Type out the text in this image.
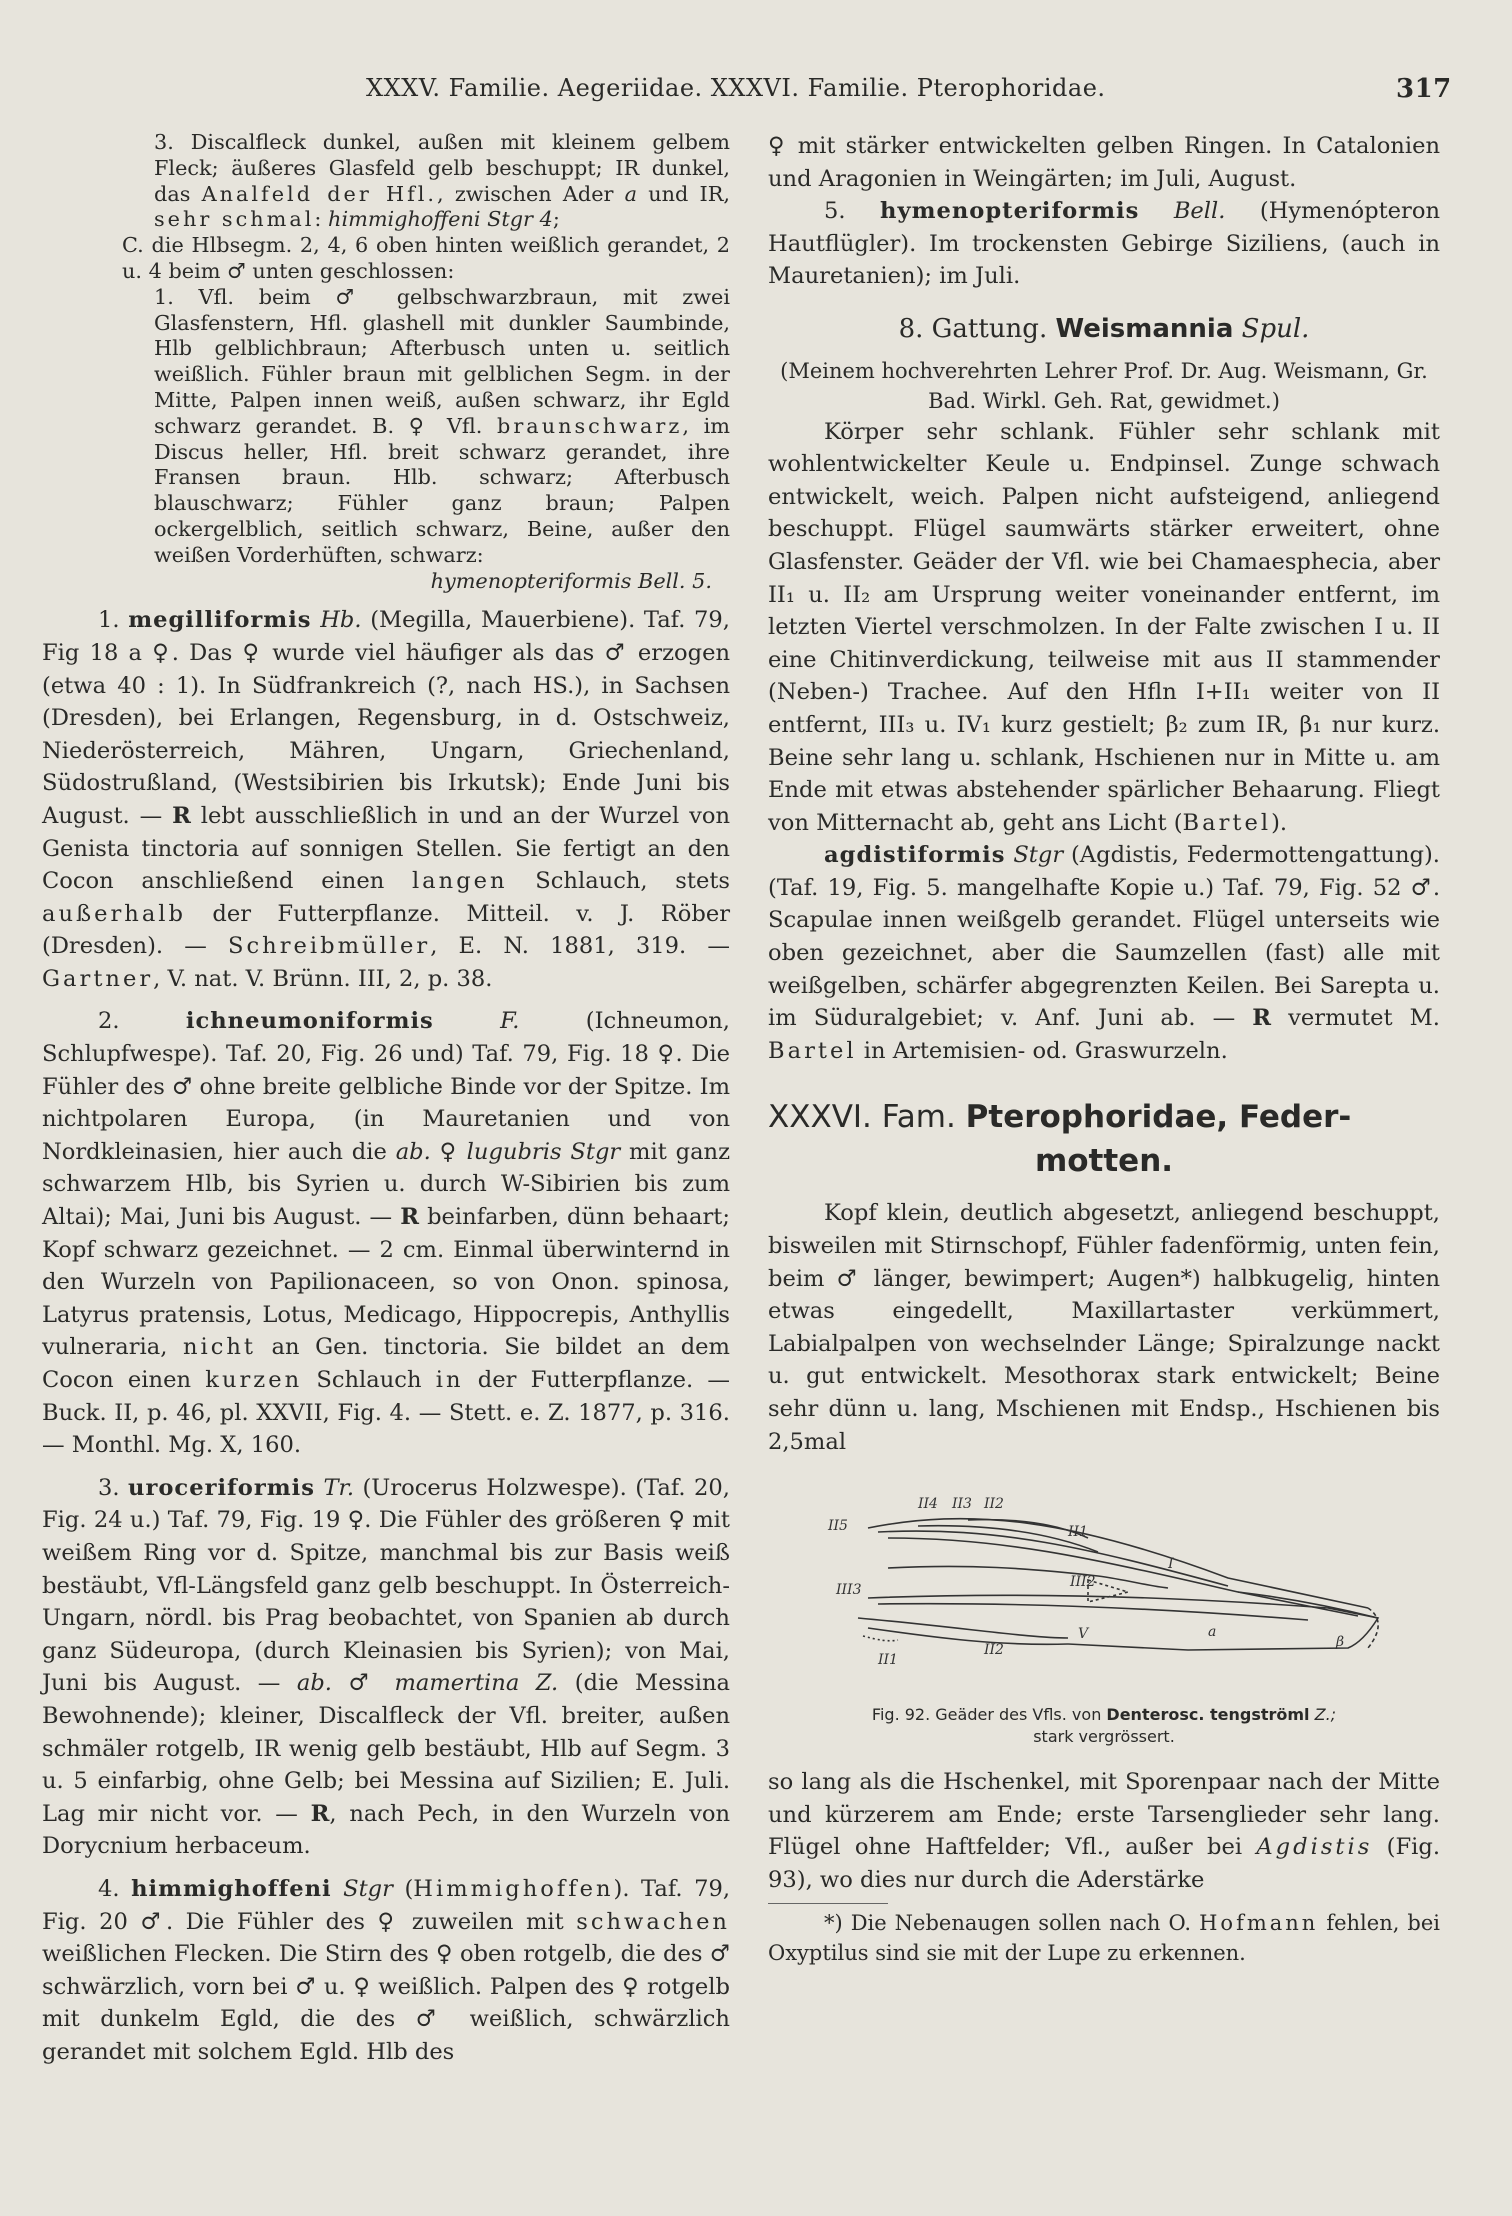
XXXV. Familie. Aegeriidae. XXXVI. Familie. Pterophoridae.	317

3. Discalfleck dunkel, außen mit kleinem gelbem Fleck; äußeres Glasfeld gelb beschuppt; IR dunkel, das Analfeld der Hfl., zwischen Ader a und IR, sehr schmal: himmighoffeni Stgr 4;

C. die Hlbsegm. 2, 4, 6 oben hinten weißlich gerandet, 2 u. 4 beim ♂ unten geschlossen:

1. Vfl. beim ♂ gelbschwarzbraun, mit zwei Glasfenstern, Hfl. glashell mit dunkler Saumbinde, Hlb gelblichbraun; Afterbusch unten u. seitlich weißlich. Fühler braun mit gelblichen Segm. in der Mitte, Palpen innen weiß, außen schwarz, ihr Egld schwarz gerandet. B. ♀ Vfl. braunschwarz, im Discus heller, Hfl. breit schwarz gerandet, ihre Fransen braun. Hlb. schwarz; Afterbusch blauschwarz; Fühler ganz braun; Palpen ockergelblich, seitlich schwarz, Beine, außer den weißen Vorderhüften, schwarz:

hymenopteriformis Bell. 5.

1. megilliformis Hb. (Megilla, Mauerbiene). Taf. 79, Fig 18 a ♀. Das ♀ wurde viel häufiger als das ♂ erzogen (etwa 40 : 1). In Südfrankreich (?, nach HS.), in Sachsen (Dresden), bei Erlangen, Regensburg, in d. Ostschweiz, Niederösterreich, Mähren, Ungarn, Griechenland, Südostrußland, (Westsibirien bis Irkutsk); Ende Juni bis August. — R lebt ausschließlich in und an der Wurzel von Genista tinctoria auf sonnigen Stellen. Sie fertigt an den Cocon anschließend einen langen Schlauch, stets außerhalb der Futterpflanze. Mitteil. v. J. Röber (Dresden). — Schreibmüller, E. N. 1881, 319. — Gartner, V. nat. V. Brünn. III, 2, p. 38.

2. ichneumoniformis	F. (Ichneumon, Schlupfwespe). Taf. 20, Fig. 26 und) Taf. 79, Fig. 18 ♀. Die Fühler des ♂ ohne breite gelbliche Binde vor der Spitze. Im nichtpolaren Europa, (in Mauretanien und von Nordkleinasien, hier auch die ab. ♀ lugubris Stgr mit ganz schwarzem Hlb, bis Syrien u. durch W-Sibirien bis zum Altai); Mai, Juni bis August. — R beinfarben, dünn behaart; Kopf schwarz gezeichnet. — 2 cm. Einmal überwinternd in den Wurzeln von Papilionaceen, so von Onon. spinosa, Latyrus pratensis, Lotus, Medicago, Hippocrepis, Anthyllis vulneraria, nicht an Gen. tinctoria. Sie bildet an dem Cocon einen kurzen Schlauch in der Futterpflanze. — Buck. II, p. 46, pl. XXVII, Fig. 4. — Stett. e. Z. 1877, p. 316. — Monthl. Mg. X, 160.

3. uroceriformis Tr. (Urocerus Holzwespe). (Taf. 20, Fig. 24 u.) Taf. 79, Fig. 19 ♀. Die Fühler des größeren ♀ mit weißem Ring vor d. Spitze, manchmal bis zur Basis weiß bestäubt, Vfl-Längsfeld ganz gelb beschuppt. In Österreich-Ungarn, nördl. bis Prag beobachtet, von Spanien ab durch ganz Südeuropa, (durch Kleinasien bis Syrien); von Mai, Juni bis August. — ab. ♂ mamertina Z. (die Messina Bewohnende); kleiner, Discalfleck der Vfl. breiter, außen schmäler rotgelb, IR wenig gelb bestäubt, Hlb auf Segm. 3 u. 5 einfarbig, ohne Gelb; bei Messina auf Sizilien; E. Juli. Lag mir nicht vor. — R, nach Pech, in den Wurzeln von Dorycnium herbaceum.

4. himmighoffeni Stgr (Himmighoffen). Taf. 79, Fig. 20 ♂. Die Fühler des ♀ zuweilen mit schwachen weißlichen Flecken. Die Stirn des ♀ oben rotgelb, die des ♂ schwärzlich, vorn bei ♂ u. ♀ weißlich. Palpen des ♀ rotgelb mit dunkelm Egld, die des ♂ weißlich, schwärzlich gerandet mit solchem Egld. Hlb des

♀ mit stärker entwickelten gelben Ringen. In Catalonien und Aragonien in Weingärten; im Juli, August.

5. hymenopteriformis Bell. (Hymenópteron Hautflügler). Im trockensten Gebirge Siziliens, (auch in Mauretanien); im Juli.

8. Gattung. Weismannia Spul.

(Meinem hochverehrten Lehrer Prof. Dr. Aug. Weismann, Gr. Bad. Wirkl. Geh. Rat, gewidmet.)

Körper sehr schlank. Fühler sehr schlank mit wohlentwickelter Keule u. Endpinsel. Zunge schwach entwickelt, weich. Palpen nicht aufsteigend, anliegend beschuppt. Flügel saumwärts stärker erweitert, ohne Glasfenster. Geäder der Vfl. wie bei Chamaesphecia, aber II₁ u. II₂ am Ursprung weiter voneinander entfernt, im letzten Viertel verschmolzen. In der Falte zwischen I u. II eine Chitinverdickung, teilweise mit aus II stammender (Neben-) Trachee. Auf den Hfln I+II₁ weiter von II entfernt, III₃ u. IV₁ kurz gestielt; β₂ zum IR, β₁ nur kurz. Beine sehr lang u. schlank, Hschienen nur in Mitte u. am Ende mit etwas abstehender spärlicher Behaarung. Fliegt von Mitternacht ab, geht ans Licht (Bartel).

agdistiformis Stgr (Agdistis, Federmottengattung). (Taf. 19, Fig. 5. mangelhafte Kopie u.) Taf. 79, Fig. 52 ♂. Scapulae innen weißgelb gerandet. Flügel unterseits wie oben gezeichnet, aber die Saumzellen (fast) alle mit weißgelben, schärfer abgegrenzten Keilen. Bei Sarepta u. im Süduralgebiet; v. Anf. Juni ab. — R vermutet M. Bartel in Artemisien- od. Graswurzeln.

XXXVI. Fam. Pterophoridae, Feder-
motten.

Kopf klein, deutlich abgesetzt, anliegend beschuppt, bisweilen mit Stirnschopf, Fühler fadenförmig, unten fein, beim ♂ länger, bewimpert; Augen*) halbkugelig, hinten etwas eingedellt, Maxillartaster verkümmert, Labialpalpen von wechselnder Länge; Spiralzunge nackt u. gut entwickelt. Mesothorax stark entwickelt; Beine sehr dünn u. lang, Mschienen mit Endsp., Hschienen bis 2,5mal

II5
II4 II3 II2
II1
I
III3	III2
V	a
β
II2
II1
Fig. 92. Geäder des Vfls. von Denterosc. tengströml Z.;
stark vergrössert.

so lang als die Hschenkel, mit Sporenpaar nach der Mitte und kürzerem am Ende; erste Tarsenglieder sehr lang. Flügel ohne Haftfelder; Vfl., außer bei Agdistis (Fig. 93), wo dies nur durch die Aderstärke

*) Die Nebenaugen sollen nach O. Hofmann fehlen, bei Oxyptilus sind sie mit der Lupe zu erkennen.
